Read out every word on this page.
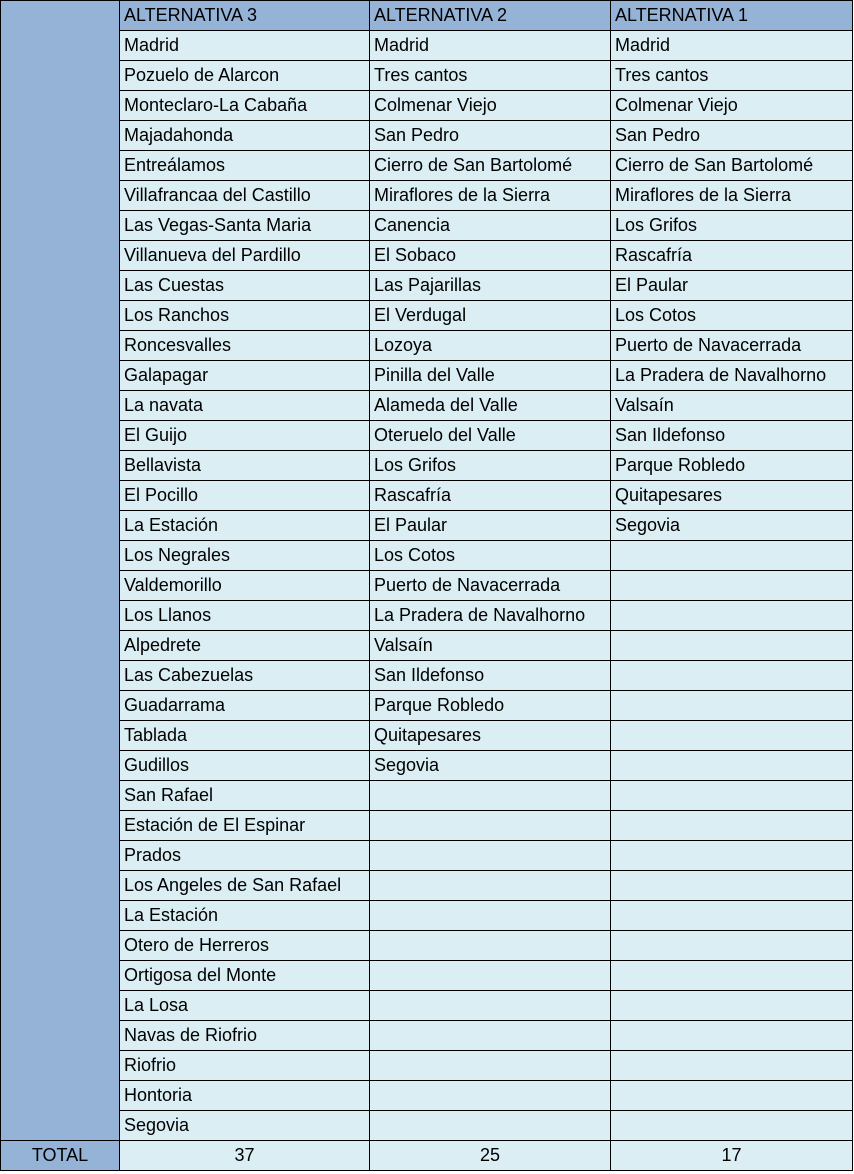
	ALTERNATIVA 3	ALTERNATIVA 2	ALTERNATIVA 1
	Madrid	Madrid	Madrid
	Pozuelo de Alarcon	Tres cantos	Tres cantos
	Monteclaro-La Cabaña	Colmenar Viejo	Colmenar Viejo
	Majadahonda	San Pedro	San Pedro
	Entreálamos	Cierro de San Bartolomé	Cierro de San Bartolomé
	Villafrancaa del Castillo	Miraflores de la Sierra	Miraflores de la Sierra
	Las Vegas-Santa Maria	Canencia	Los Grifos
	Villanueva del Pardillo	El Sobaco	Rascafría
	Las Cuestas	Las Pajarillas	El Paular
	Los Ranchos	El Verdugal	Los Cotos
	Roncesvalles	Lozoya	Puerto de Navacerrada
	Galapagar	Pinilla del Valle	La Pradera de Navalhorno
	La navata	Alameda del Valle	Valsaín
	El Guijo	Oteruelo del Valle	San Ildefonso
	Bellavista	Los Grifos	Parque Robledo
	El Pocillo	Rascafría	Quitapesares
	La Estación	El Paular	Segovia
	Los Negrales	Los Cotos	
	Valdemorillo	Puerto de Navacerrada	
	Los Llanos	La Pradera de Navalhorno	
	Alpedrete	Valsaín	
	Las Cabezuelas	San Ildefonso	
	Guadarrama	Parque Robledo	
	Tablada	Quitapesares	
	Gudillos	Segovia	
	San Rafael		
	Estación de El Espinar		
	Prados		
	Los Angeles de San Rafael		
	La Estación		
	Otero de Herreros		
	Ortigosa del Monte		
	La Losa		
	Navas de Riofrio		
	Riofrio		
	Hontoria		
	Segovia		
TOTAL	37	25	17
